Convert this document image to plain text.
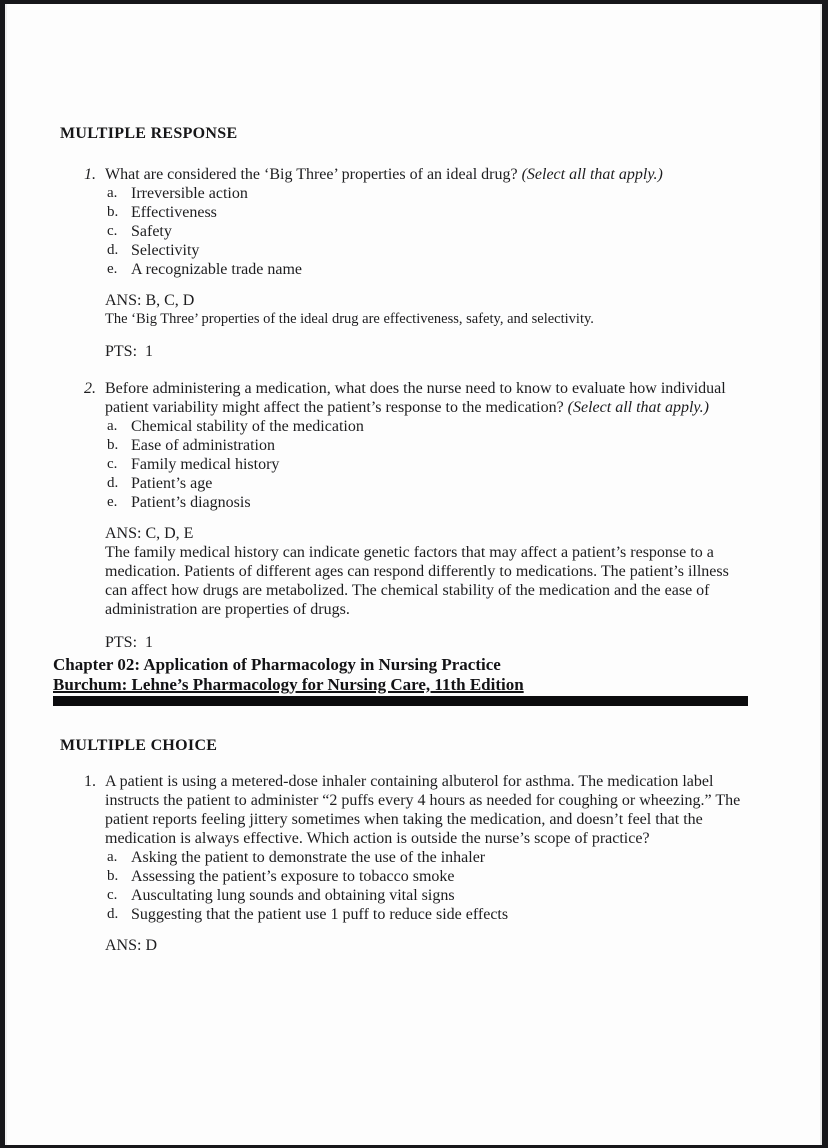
MULTIPLE RESPONSE
1. What are considered the ‘Big Three’ properties of an ideal drug? (Select all that apply.)
a. Irreversible action
b. Effectiveness
c. Safety
d. Selectivity
e. A recognizable trade name
ANS: B, C, D
The ‘Big Three’ properties of the ideal drug are effectiveness, safety, and selectivity.
PTS:  1
2. Before administering a medication, what does the nurse need to know to evaluate how individual patient variability might affect the patient’s response to the medication? (Select all that apply.)
a. Chemical stability of the medication
b. Ease of administration
c. Family medical history
d. Patient’s age
e. Patient’s diagnosis
ANS: C, D, E
The family medical history can indicate genetic factors that may affect a patient’s response to a medication. Patients of different ages can respond differently to medications. The patient’s illness can affect how drugs are metabolized. The chemical stability of the medication and the ease of administration are properties of drugs.
PTS:  1
Chapter 02: Application of Pharmacology in Nursing Practice
Burchum: Lehne’s Pharmacology for Nursing Care, 11th Edition
MULTIPLE CHOICE
1. A patient is using a metered-dose inhaler containing albuterol for asthma. The medication label instructs the patient to administer “2 puffs every 4 hours as needed for coughing or wheezing.” The patient reports feeling jittery sometimes when taking the medication, and doesn’t feel that the medication is always effective. Which action is outside the nurse’s scope of practice?
a. Asking the patient to demonstrate the use of the inhaler
b. Assessing the patient’s exposure to tobacco smoke
c. Auscultating lung sounds and obtaining vital signs
d. Suggesting that the patient use 1 puff to reduce side effects
ANS: D
